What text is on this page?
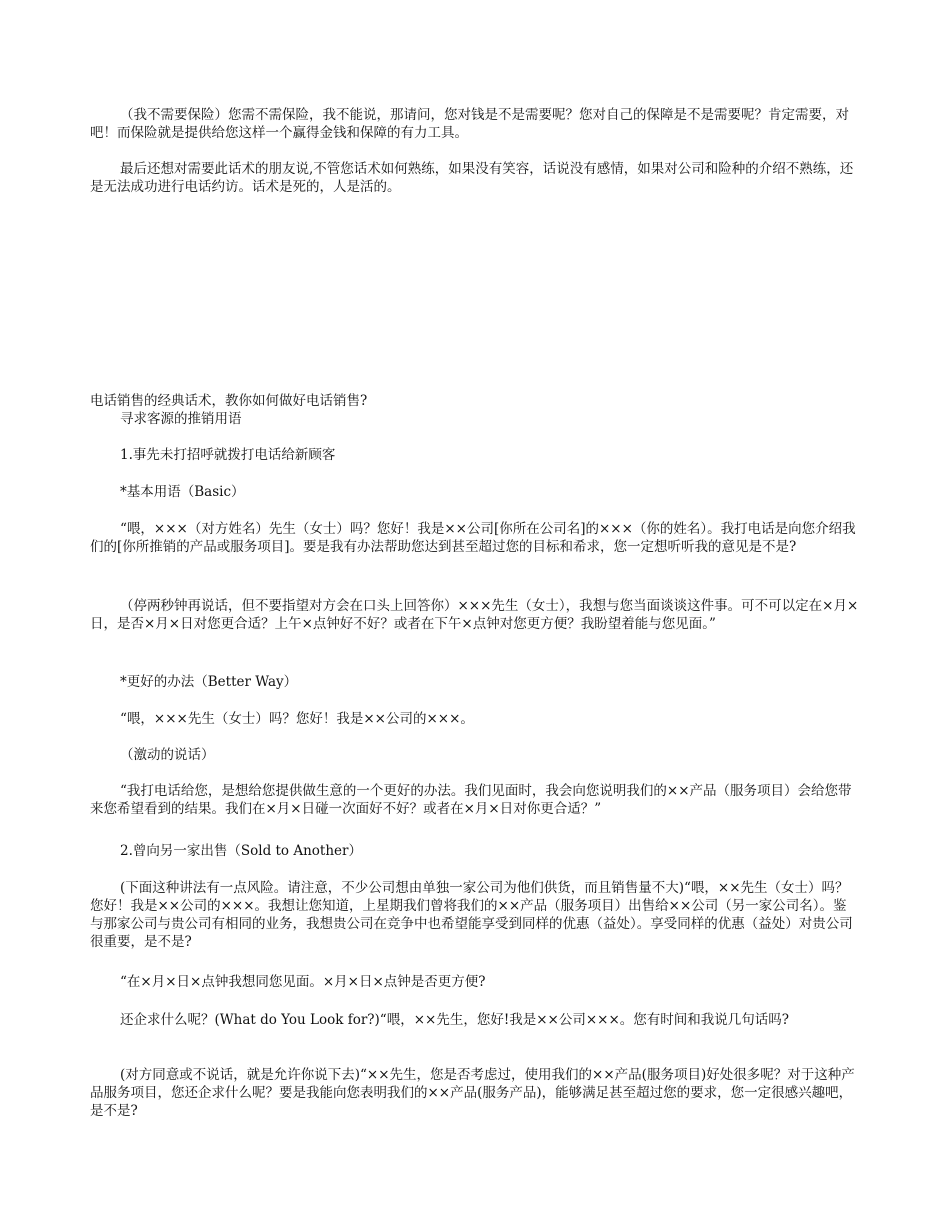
（我不需要保险）您需不需保险，我不能说，那请问，您对钱是不是需要呢？您对自己的保障是不是需要呢？肯定需要，对吧！而保险就是提供给您这样一个赢得金钱和保障的有力工具。

最后还想对需要此话术的朋友说,不管您话术如何熟练，如果没有笑容，话说没有感情，如果对公司和险种的介绍不熟练，还是无法成功进行电话约访。话术是死的，人是活的。

电话销售的经典话术，教你如何做好电话销售?

寻求客源的推销用语

1.事先未打招呼就拨打电话给新顾客

*基本用语（Basic）

“喂，×××（对方姓名）先生（女士）吗？您好！我是××公司[你所在公司名]的×××（你的姓名）。我打电话是向您介绍我们的[你所推销的产品或服务项目]。要是我有办法帮助您达到甚至超过您的目标和希求，您一定想听听我的意见是不是?

（停两秒钟再说话，但不要指望对方会在口头上回答你）×××先生（女士），我想与您当面谈谈这件事。可不可以定在×月×日，是否×月×日对您更合适？上午×点钟好不好？或者在下午×点钟对您更方便？我盼望着能与您见面。”

*更好的办法（Better Way）

“喂，×××先生（女士）吗？您好！我是××公司的×××。

（激动的说话）

“我打电话给您，是想给您提供做生意的一个更好的办法。我们见面时，我会向您说明我们的××产品（服务项目）会给您带来您希望看到的结果。我们在×月×日碰一次面好不好？或者在×月×日对你更合适？”

2.曾向另一家出售（Sold to Another）

(下面这种讲法有一点风险。请注意，不少公司想由单独一家公司为他们供货，而且销售量不大)“喂，××先生（女士）吗？您好！我是××公司的×××。我想让您知道，上星期我们曾将我们的××产品（服务项目）出售给××公司（另一家公司名）。鉴与那家公司与贵公司有相同的业务，我想贵公司在竞争中也希望能享受到同样的优惠（益处）。享受同样的优惠（益处）对贵公司很重要，是不是?

“在×月×日×点钟我想同您见面。×月×日×点钟是否更方便?

还企求什么呢？(What do You Look for?)“喂，××先生，您好!我是××公司×××。您有时间和我说几句话吗?

(对方同意或不说话，就是允许你说下去)“××先生，您是否考虑过，使用我们的××产品(服务项目)好处很多呢？对于这种产品服务项目，您还企求什么呢？要是我能向您表明我们的××产品(服务产品)，能够满足甚至超过您的要求，您一定很感兴趣吧，是不是?
